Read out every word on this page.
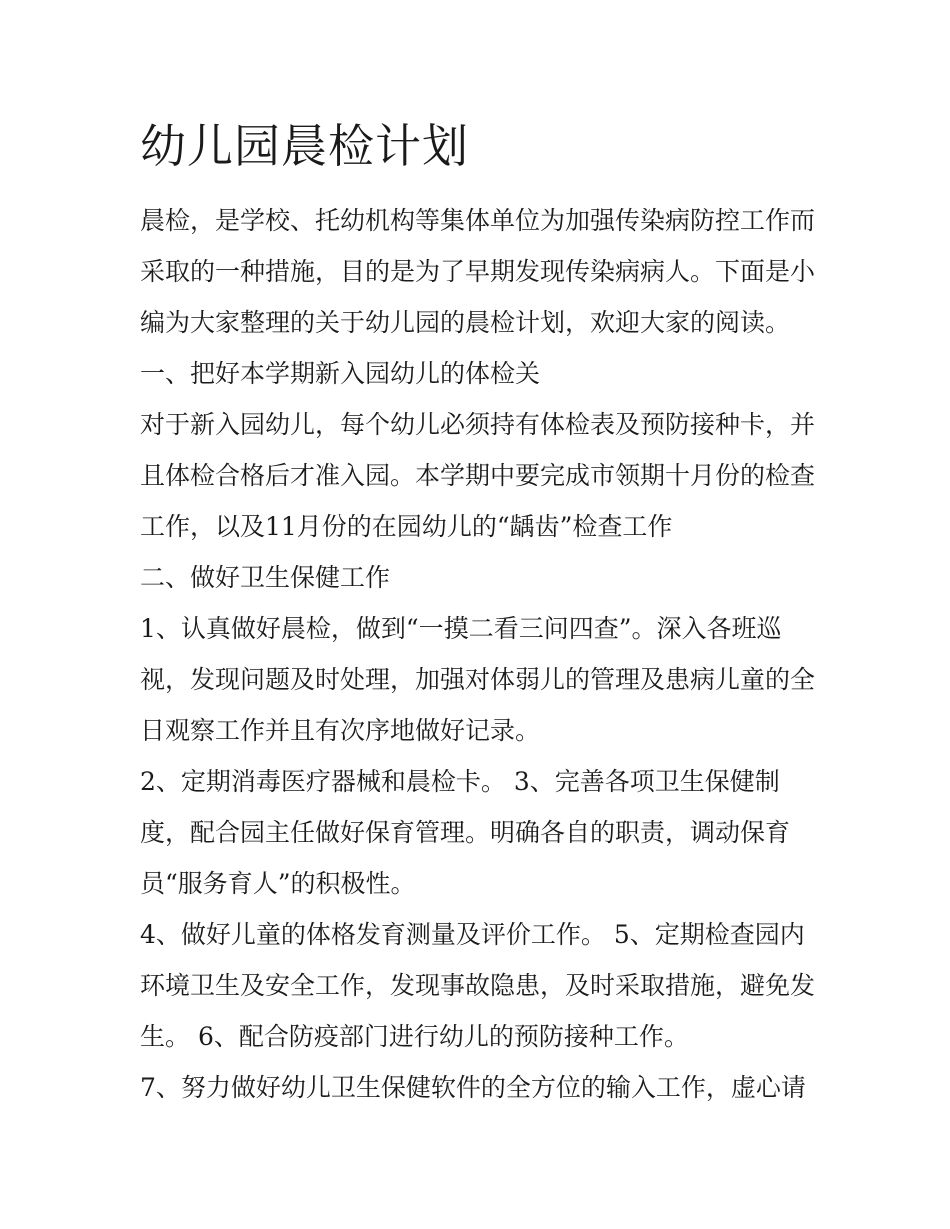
幼儿园晨检计划
晨检，是学校、托幼机构等集体单位为加强传染病防控工作而
采取的一种措施，目的是为了早期发现传染病病人。下面是小
编为大家整理的关于幼儿园的晨检计划，欢迎大家的阅读。
一、把好本学期新入园幼儿的体检关
对于新入园幼儿，每个幼儿必须持有体检表及预防接种卡，并
且体检合格后才准入园。本学期中要完成市领期十月份的检查
工作，以及11月份的在园幼儿的“龋齿”检查工作
二、做好卫生保健工作
1、认真做好晨检，做到“一摸二看三问四查”。深入各班巡
视，发现问题及时处理，加强对体弱儿的管理及患病儿童的全
日观察工作并且有次序地做好记录。
2、定期消毒医疗器械和晨检卡。 3、完善各项卫生保健制
度，配合园主任做好保育管理。明确各自的职责，调动保育
员“服务育人”的积极性。
4、做好儿童的体格发育测量及评价工作。 5、定期检查园内
环境卫生及安全工作，发现事故隐患，及时采取措施，避免发
生。 6、配合防疫部门进行幼儿的预防接种工作。
7、努力做好幼儿卫生保健软件的全方位的输入工作，虚心请
